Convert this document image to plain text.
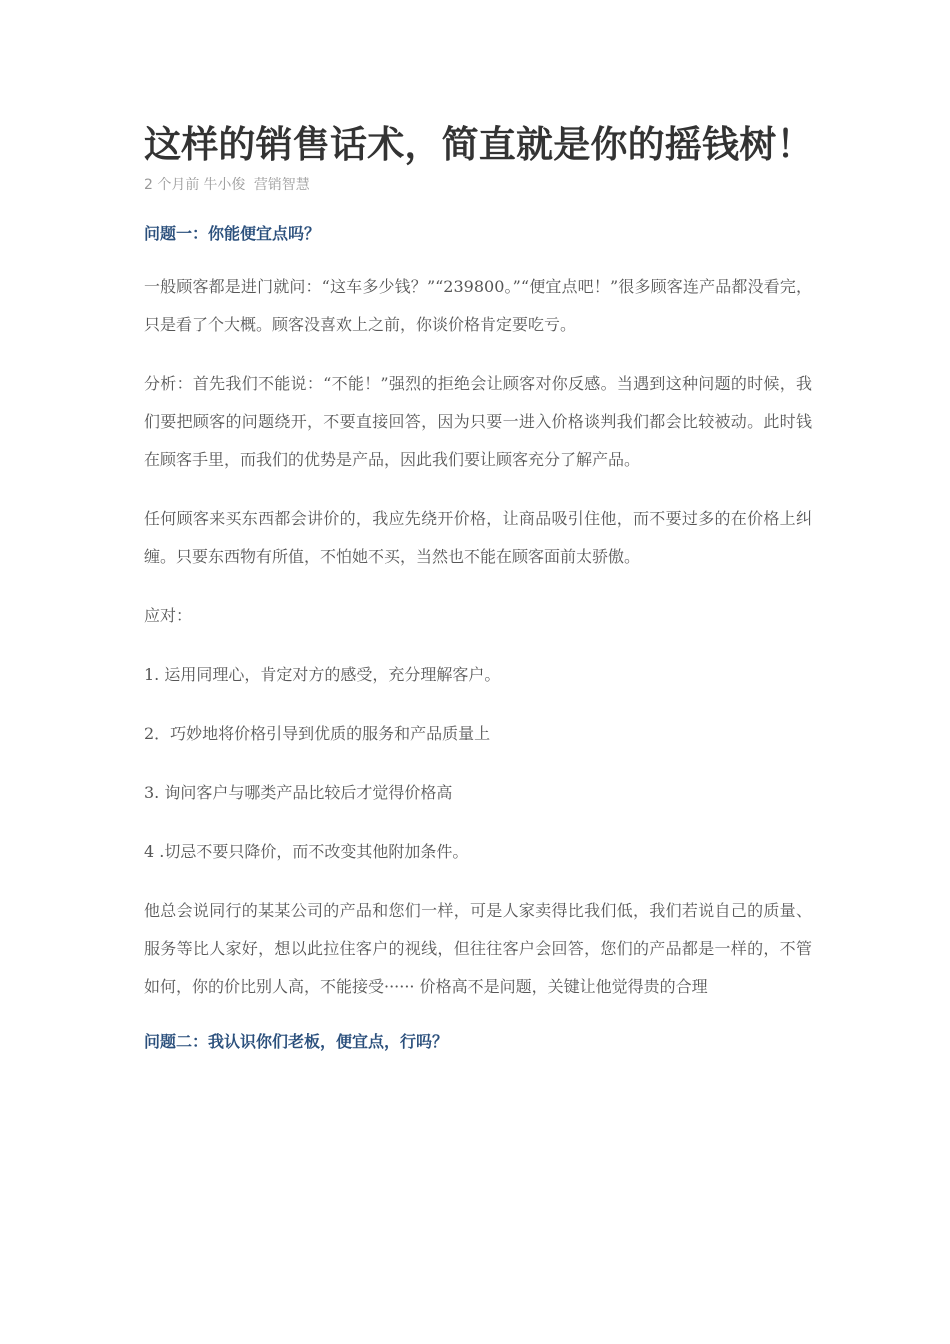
这样的销售话术，简直就是你的摇钱树！
2 个月前 牛小俊 营销智慧
问题一：你能便宜点吗？

一般顾客都是进门就问：“这车多少钱？”“239800。”“便宜点吧！”很多顾客连产品都没看完，只是看了个大概。顾客没喜欢上之前，你谈价格肯定要吃亏。

分析：首先我们不能说：“不能！”强烈的拒绝会让顾客对你反感。当遇到这种问题的时候，我们要把顾客的问题绕开，不要直接回答，因为只要一进入价格谈判我们都会比较被动。此时钱在顾客手里，而我们的优势是产品，因此我们要让顾客充分了解产品。

任何顾客来买东西都会讲价的，我应先绕开价格，让商品吸引住他，而不要过多的在价格上纠缠。只要东西物有所值，不怕她不买，当然也不能在顾客面前太骄傲。

应对：

1. 运用同理心，肯定对方的感受，充分理解客户。

2．巧妙地将价格引导到优质的服务和产品质量上

3. 询问客户与哪类产品比较后才觉得价格高

4 .切忌不要只降价，而不改变其他附加条件。

他总会说同行的某某公司的产品和您们一样，可是人家卖得比我们低，我们若说自己的质量、服务等比人家好，想以此拉住客户的视线，但往往客户会回答，您们的产品都是一样的，不管如何，你的价比别人高，不能接受······ 价格高不是问题，关键让他觉得贵的合理

问题二：我认识你们老板，便宜点，行吗？
